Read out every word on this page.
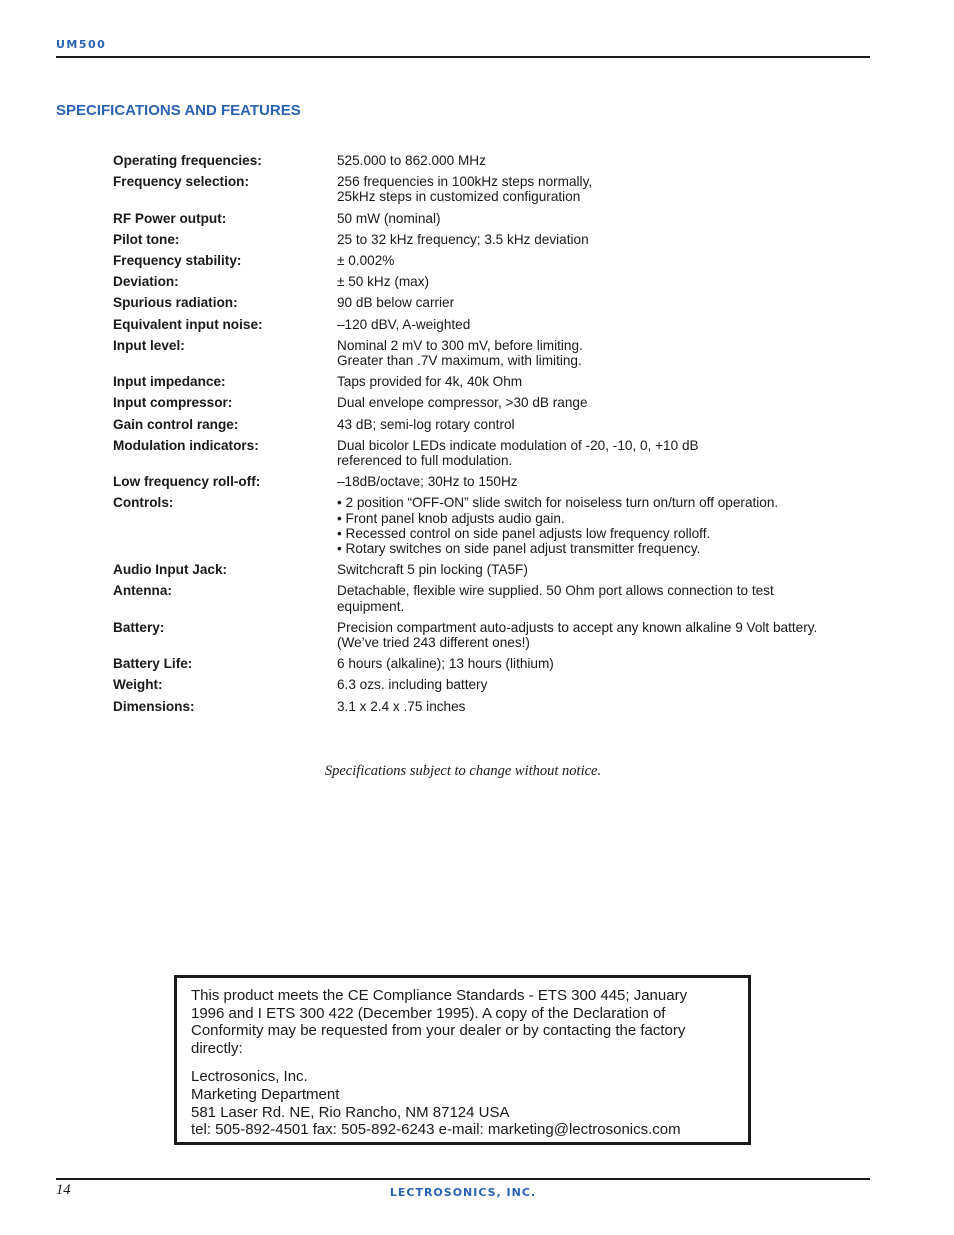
UM500
SPECIFICATIONS AND FEATURES
Operating frequencies:	525.000 to 862.000 MHz
Frequency selection:	256 frequencies in 100kHz steps normally,
25kHz steps in customized configuration
RF Power output:	50 mW (nominal)
Pilot tone:	25 to 32 kHz frequency; 3.5 kHz deviation
Frequency stability:	± 0.002%
Deviation:	± 50 kHz (max)
Spurious radiation:	90 dB below carrier
Equivalent input noise:	–120 dBV, A-weighted
Input level:	Nominal 2 mV to 300 mV, before limiting.
Greater than .7V maximum, with limiting.
Input impedance:	Taps provided for 4k, 40k Ohm
Input compressor:	Dual envelope compressor, >30 dB range
Gain control range:	43 dB; semi-log rotary control
Modulation indicators:	Dual bicolor LEDs indicate modulation of -20, -10, 0, +10 dB
referenced to full modulation.
Low frequency roll-off:	–18dB/octave; 30Hz to 150Hz
Controls:	• 2 position “OFF-ON” slide switch for noiseless turn on/turn off operation.
• Front panel knob adjusts audio gain.
• Recessed control on side panel adjusts low frequency rolloff.
• Rotary switches on side panel adjust transmitter frequency.
Audio Input Jack:	Switchcraft 5 pin locking (TA5F)
Antenna:	Detachable, flexible wire supplied. 50 Ohm port allows connection to test
equipment.
Battery:	Precision compartment auto-adjusts to accept any known alkaline 9 Volt battery.
(We’ve tried 243 different ones!)
Battery Life:	6 hours (alkaline); 13 hours (lithium)
Weight:	6.3 ozs. including battery
Dimensions:	3.1 x 2.4 x .75 inches
Specifications subject to change without notice.

This product meets the CE Compliance Standards - ETS 300 445; January
1996 and I ETS 300 422 (December 1995). A copy of the Declaration of
Conformity may be requested from your dealer or by contacting the factory
directly:

Lectrosonics, Inc.
Marketing Department
581 Laser Rd. NE, Rio Rancho, NM 87124 USA
tel: 505-892-4501 fax: 505-892-6243 e-mail: marketing@lectrosonics.com

14	LECTROSONICS, INC.
